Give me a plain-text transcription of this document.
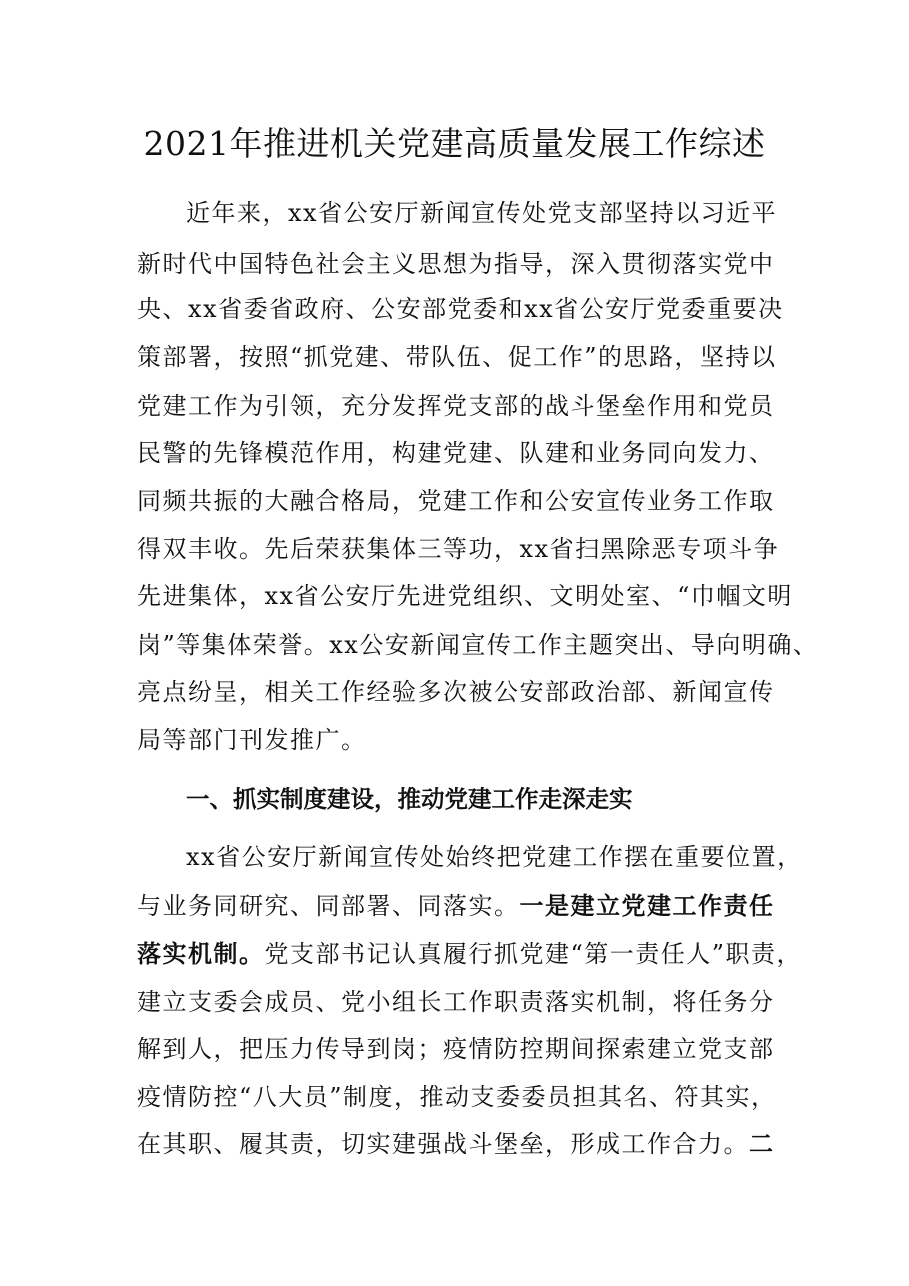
2021年推进机关党建高质量发展工作综述
近年来，xx省公安厅新闻宣传处党支部坚持以习近平
新时代中国特色社会主义思想为指导，深入贯彻落实党中
央、xx省委省政府、公安部党委和xx省公安厅党委重要决
策部署，按照“抓党建、带队伍、促工作”的思路，坚持以
党建工作为引领，充分发挥党支部的战斗堡垒作用和党员
民警的先锋模范作用，构建党建、队建和业务同向发力、
同频共振的大融合格局，党建工作和公安宣传业务工作取
得双丰收。先后荣获集体三等功，xx省扫黑除恶专项斗争
先进集体，xx省公安厅先进党组织、文明处室、“巾帼文明
岗”等集体荣誉。xx公安新闻宣传工作主题突出、导向明确、
亮点纷呈，相关工作经验多次被公安部政治部、新闻宣传
局等部门刊发推广。
一、抓实制度建设，推动党建工作走深走实
xx省公安厅新闻宣传处始终把党建工作摆在重要位置，
与业务同研究、同部署、同落实。一是建立党建工作责任
落实机制。党支部书记认真履行抓党建“第一责任人”职责，
建立支委会成员、党小组长工作职责落实机制，将任务分
解到人，把压力传导到岗；疫情防控期间探索建立党支部
疫情防控“八大员”制度，推动支委委员担其名、符其实，
在其职、履其责，切实建强战斗堡垒，形成工作合力。二
